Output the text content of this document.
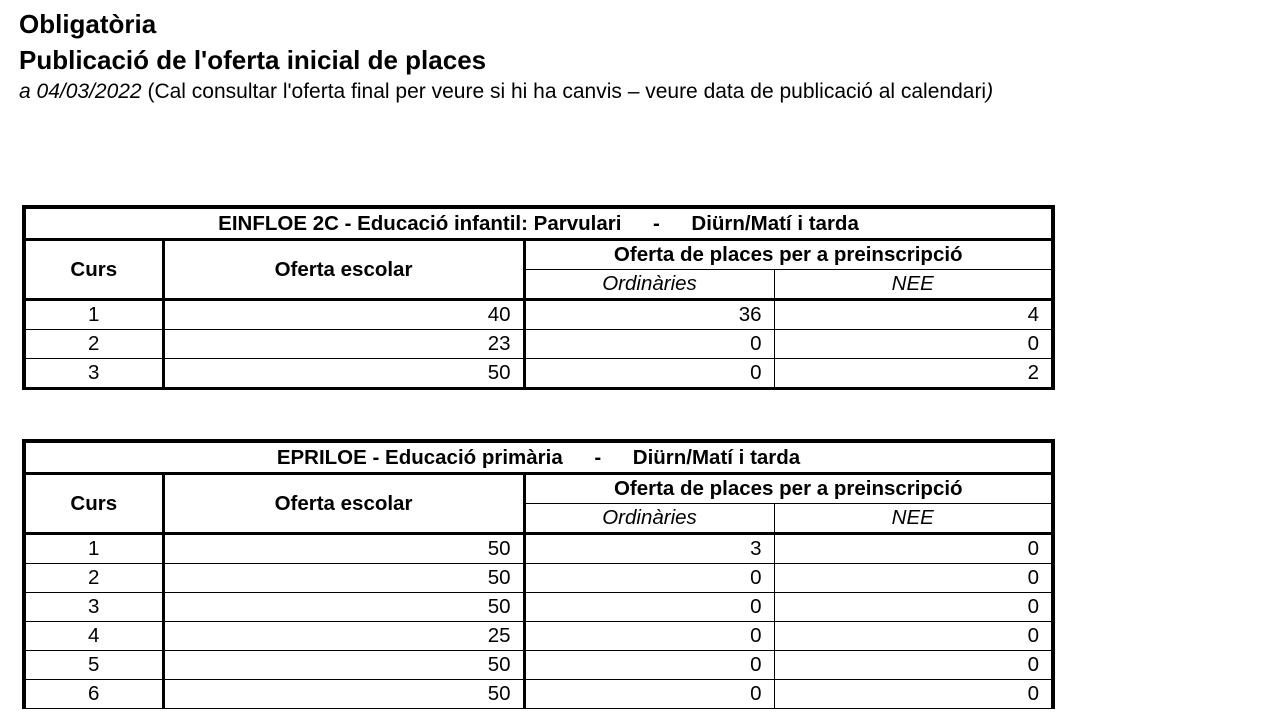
Obligatòria
Publicació de l'oferta inicial de places
a 04/03/2022 (Cal consultar l'oferta final per veure si hi ha canvis – veure data de publicació al calendari)
EINFLOE 2C - Educació infantil: Parvulari - Diürn/Matí i tarda			
Curs	Oferta escolar	Oferta de places per a preinscripció	
		Ordinàries	NEE
1	40	36	4
2	23	0	0
3	50	0	2
EPRILOE - Educació primària - Diürn/Matí i tarda			
Curs	Oferta escolar	Oferta de places per a preinscripció	
		Ordinàries	NEE
1	50	3	0
2	50	0	0
3	50	0	0
4	25	0	0
5	50	0	0
6	50	0	0
